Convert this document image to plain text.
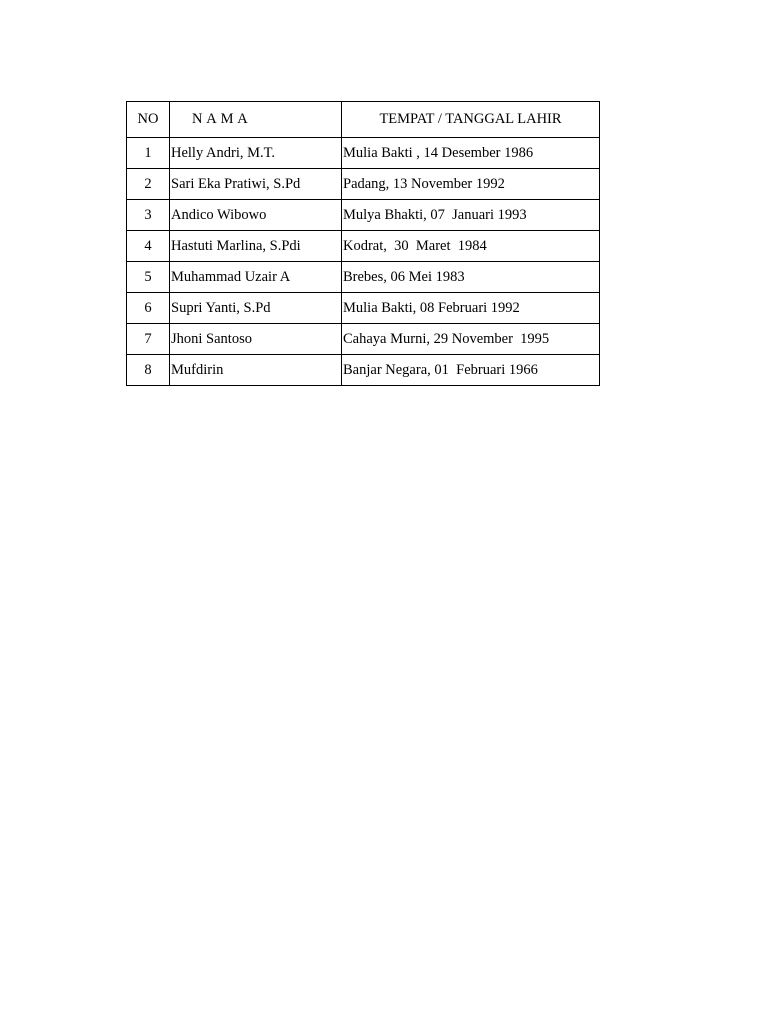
NO	N A M A	TEMPAT / TANGGAL LAHIR
1	Helly Andri, M.T.	Mulia Bakti , 14 Desember 1986
2	Sari Eka Pratiwi, S.Pd	Padang, 13 November 1992
3	Andico Wibowo	Mulya Bhakti, 07  Januari 1993
4	Hastuti Marlina, S.Pdi	Kodrat,  30  Maret  1984
5	Muhammad Uzair A	Brebes, 06 Mei 1983
6	Supri Yanti, S.Pd	Mulia Bakti, 08 Februari 1992
7	Jhoni Santoso	Cahaya Murni, 29 November  1995
8	Mufdirin	Banjar Negara, 01  Februari 1966
